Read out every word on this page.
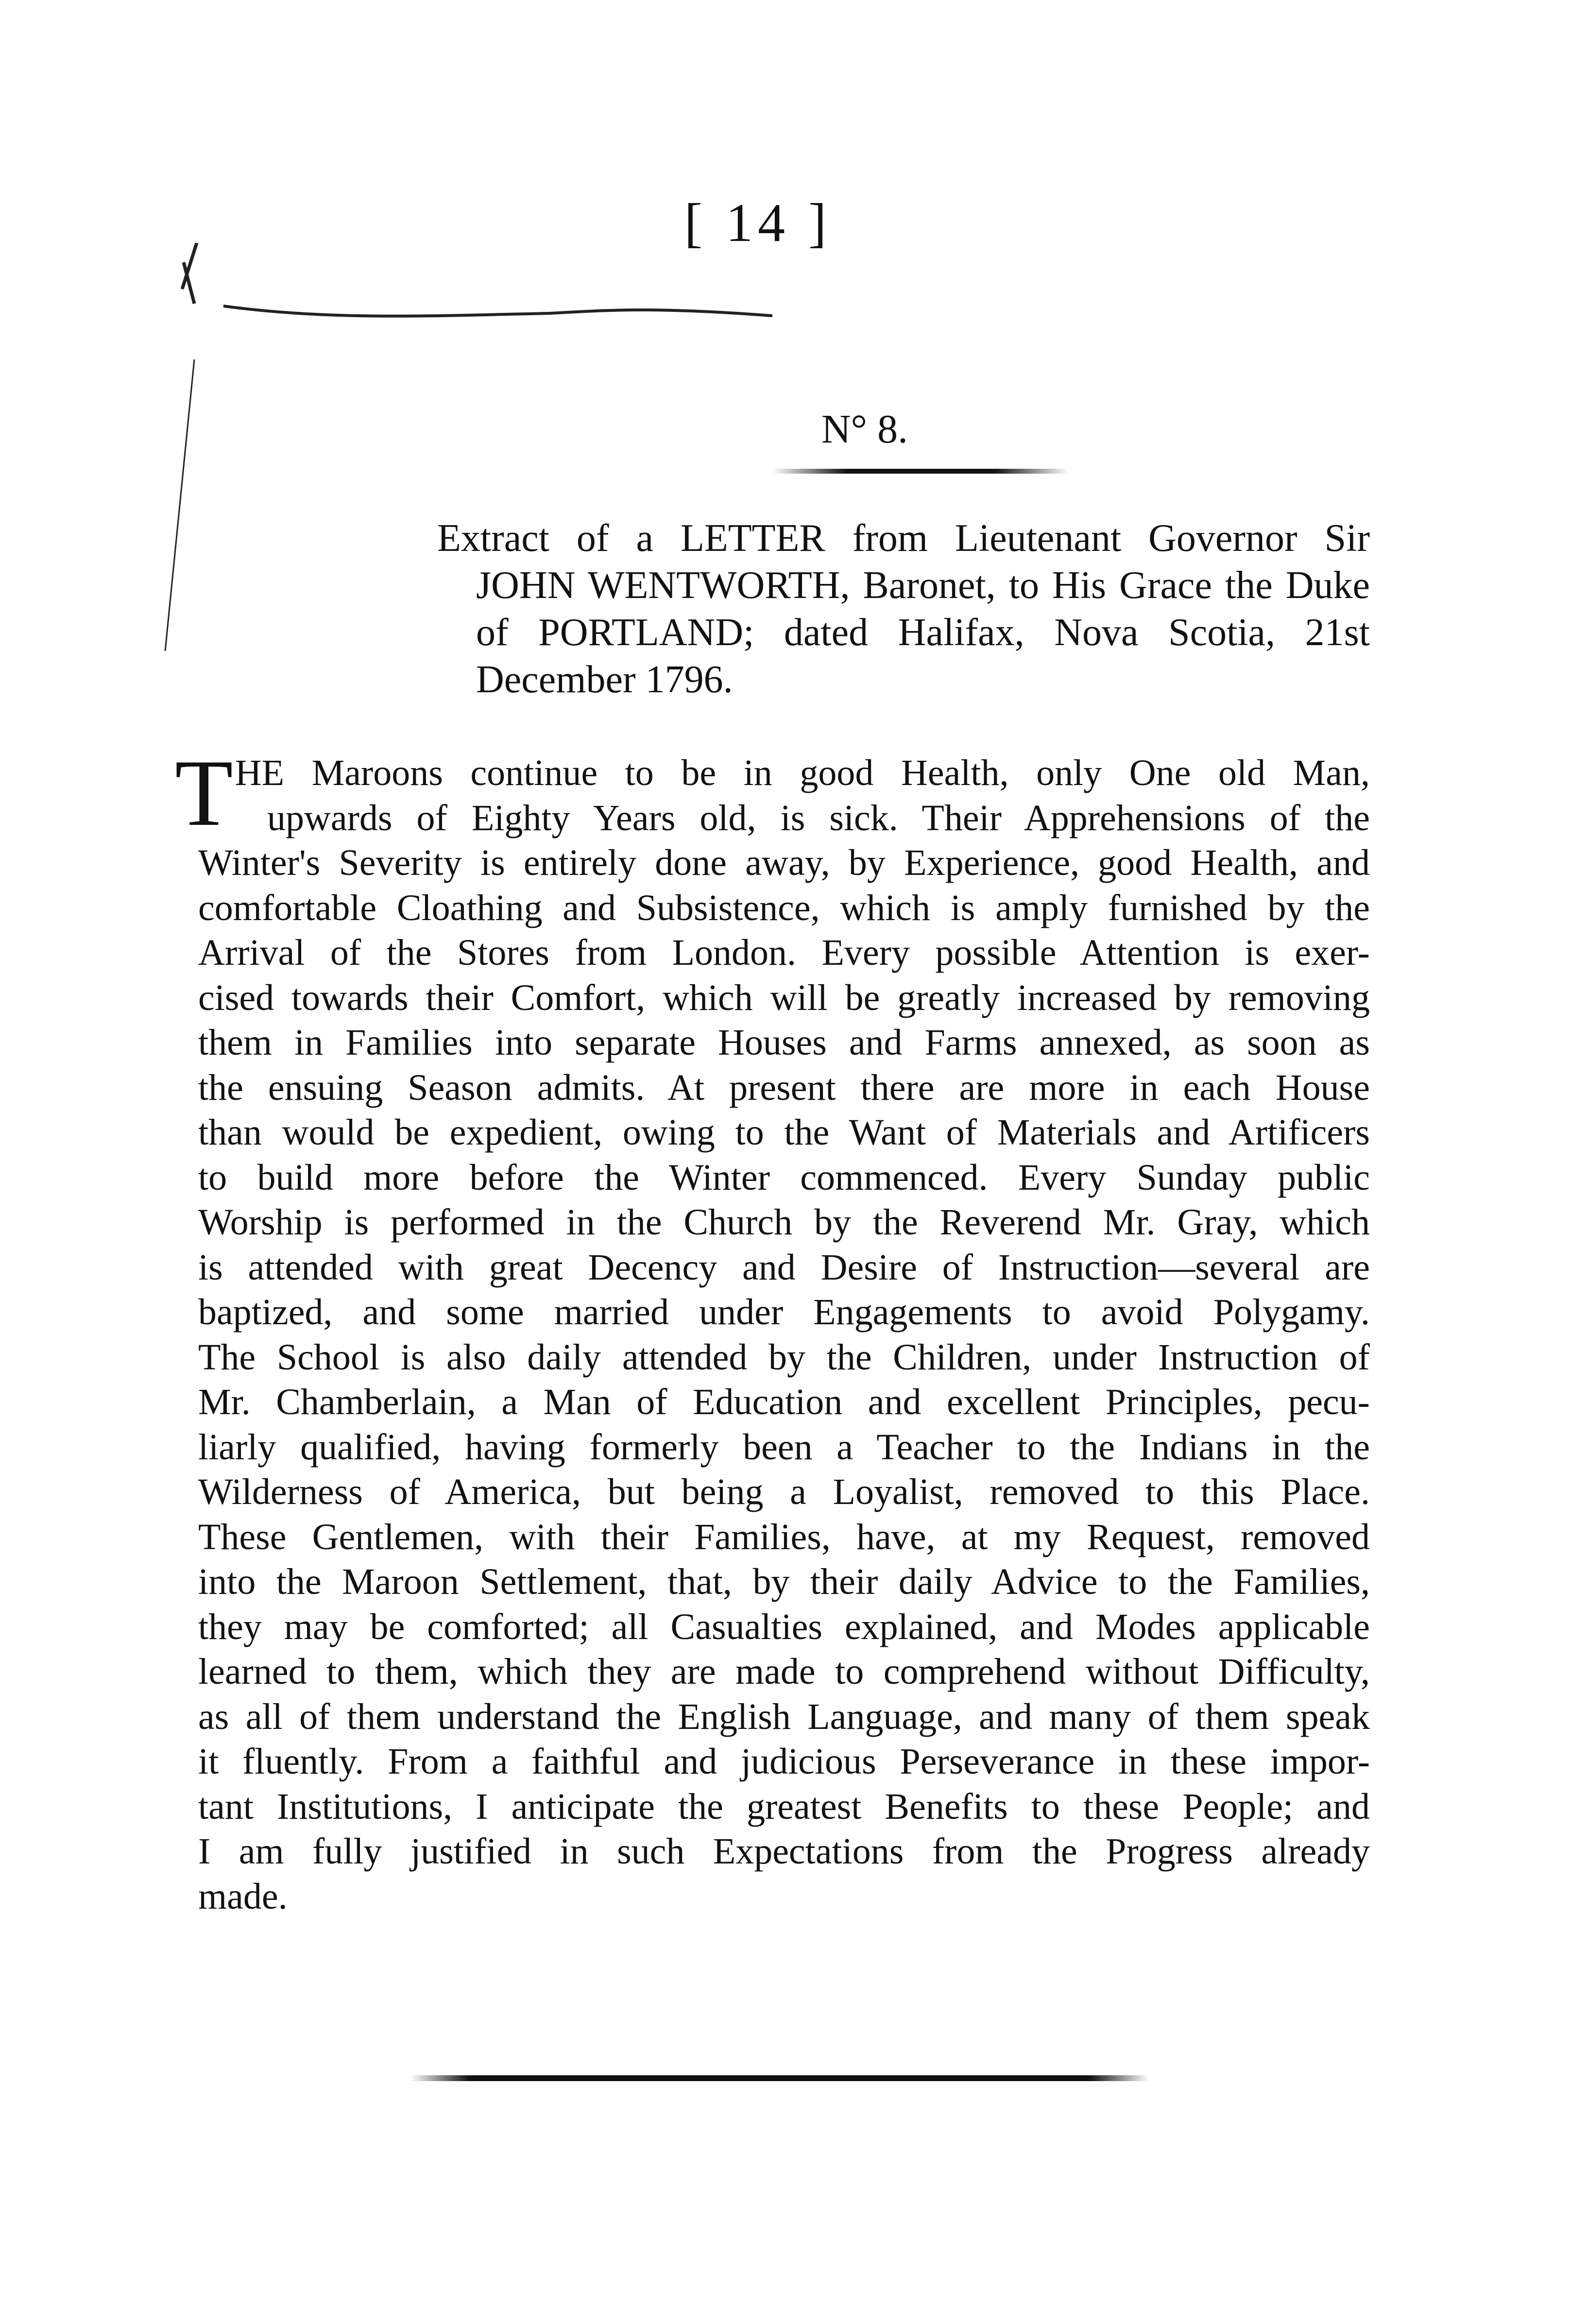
[ 14 ]
N° 8.
Extract of a LETTER from Lieutenant Governor Sir
JOHN WENTWORTH, Baronet, to His Grace the Duke
of PORTLAND; dated Halifax, Nova Scotia, 21st
December 1796.
T HE Maroons continue to be in good Health, only One old Man,
upwards of Eighty Years old, is sick. Their Apprehensions of the
Winter's Severity is entirely done away, by Experience, good Health, and
comfortable Cloathing and Subsistence, which is amply furnished by the
Arrival of the Stores from London. Every possible Attention is exer-
cised towards their Comfort, which will be greatly increased by removing
them in Families into separate Houses and Farms annexed, as soon as
the ensuing Season admits. At present there are more in each House
than would be expedient, owing to the Want of Materials and Artificers
to build more before the Winter commenced. Every Sunday public
Worship is performed in the Church by the Reverend Mr. Gray, which
is attended with great Decency and Desire of Instruction—several are
baptized, and some married under Engagements to avoid Polygamy.
The School is also daily attended by the Children, under Instruction of
Mr. Chamberlain, a Man of Education and excellent Principles, pecu-
liarly qualified, having formerly been a Teacher to the Indians in the
Wilderness of America, but being a Loyalist, removed to this Place.
These Gentlemen, with their Families, have, at my Request, removed
into the Maroon Settlement, that, by their daily Advice to the Families,
they may be comforted; all Casualties explained, and Modes applicable
learned to them, which they are made to comprehend without Difficulty,
as all of them understand the English Language, and many of them speak
it fluently. From a faithful and judicious Perseverance in these impor-
tant Institutions, I anticipate the greatest Benefits to these People; and
I am fully justified in such Expectations from the Progress already
made.
